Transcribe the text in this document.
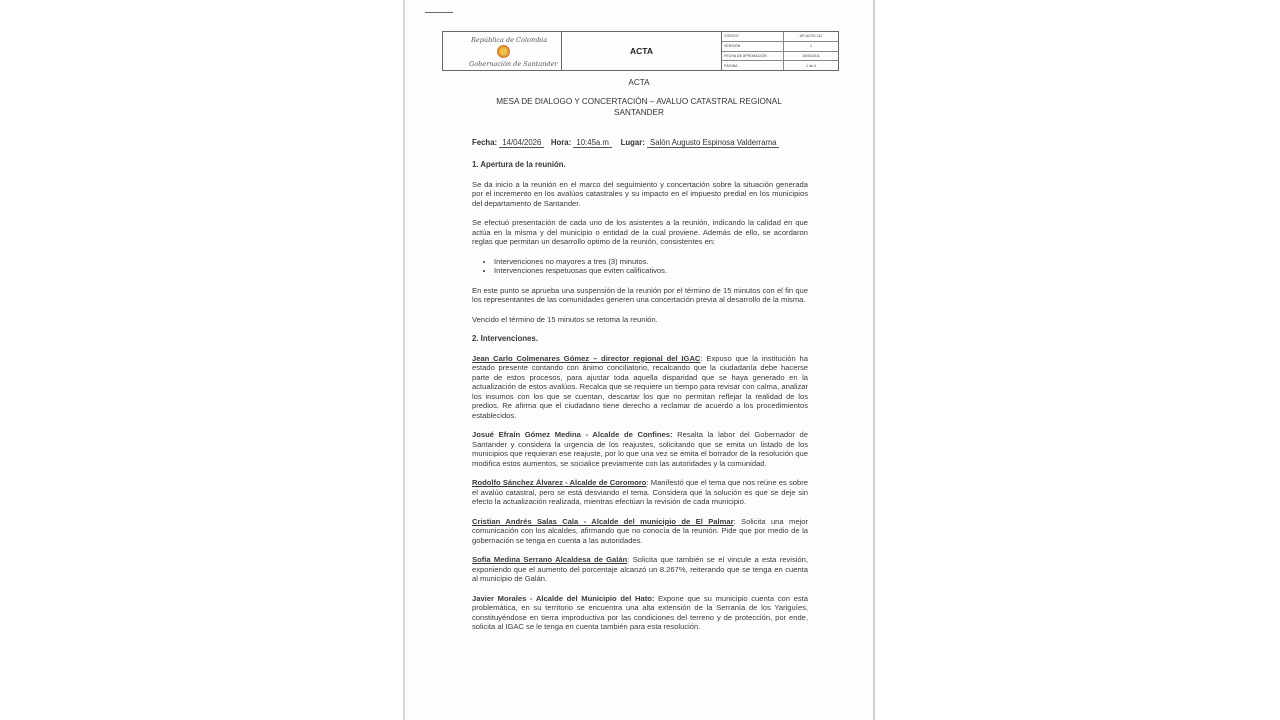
República de Colombia
Gobernación de Santander
ACTA
CÓDIGO	AP-AI-RG-111
VERSIÓN	1
FECHA DE APROBACIÓN	16/06/2011
PÁGINA	1 de 4
ACTA
MESA DE DIALOGO Y CONCERTACIÓN – AVALUO CATASTRAL REGIONAL
SANTANDER
Fecha: 14/04/2026 Hora: 10:45a.m Lugar: Salón Augusto Espinosa Valderrama
1. Apertura de la reunión.

Se da inicio a la reunión en el marco del seguimiento y concertación sobre la situación generada por el incremento en los avalúos catastrales y su impacto en el impuesto predial en los municipios del departamento de Santander.

Se efectuó presentación de cada uno de los asistentes a la reunión, indicando la calidad en que actúa en la misma y del municipio o entidad de la cual proviene. Además de ello, se acordaron reglas que permitan un desarrollo optimo de la reunión, consistentes en:

• Intervenciones no mayores a tres (3) minutos.
• Intervenciones respetuosas que eviten calificativos.

En este punto se aprueba una suspensión de la reunión por el término de 15 minutos con el fin que los representantes de las comunidades generen una concertación previa al desarrollo de la misma.

Vencido el término de 15 minutos se retoma la reunión.

2. Intervenciones.

Jean Carlo Colmenares Gómez – director regional del IGAC: Expuso que la institución ha estado presente contando con ánimo conciliatorio, recalcando que la ciudadanía debe hacerse parte de estos procesos, para ajustar toda aquella disparidad que se haya generado en la actualización de estos avalúos. Recalca que se requiere un tiempo para revisar con calma, analizar los insumos con los que se cuentan, descartar los que no permitan reflejar la realidad de los predios. Re afirma que el ciudadano tiene derecho a reclamar de acuerdo a los procedimientos establecidos.

Josué Efraín Gómez Medina - Alcalde de Confines: Resalta la labor del Gobernador de Santander y considera la urgencia de los reajustes, solicitando que se emita un listado de los municipios que requieran ese reajuste, por lo que una vez se emita el borrador de la resolución que modifica estos aumentos, se socialice previamente con las autoridades y la comunidad.

Rodolfo Sánchez Álvarez - Alcalde de Coromoro: Manifestó que el tema que nos reúne es sobre el avalúo catastral, pero se está desviando el tema. Considera que la solución es que se deje sin efecto la actualización realizada, mientras efectúan la revisión de cada municipio.

Cristian Andrés Salas Cala - Alcalde del municipio de El Palmar: Solicita una mejor comunicación con los alcaldes, afirmando que no conocía de la reunión. Pide que por medio de la gobernación se tenga en cuenta a las autoridades.

Sofía Medina Serrano Alcaldesa de Galán: Solicita que también se el vincule a esta revisión, exponiendo que el aumento del porcentaje alcanzó un 8.267%, reiterando que se tenga en cuenta al municipio de Galán.

Javier Morales - Alcalde del Municipio del Hato: Expone que su municipio cuenta con esta problemática, en su territorio se encuentra una alta extensión de la Serranía de los Yariguíes, constituyéndose en tierra improductiva por las condiciones del terreno y de protección, por ende, solicita al IGAC se le tenga en cuenta también para esta resolución.
